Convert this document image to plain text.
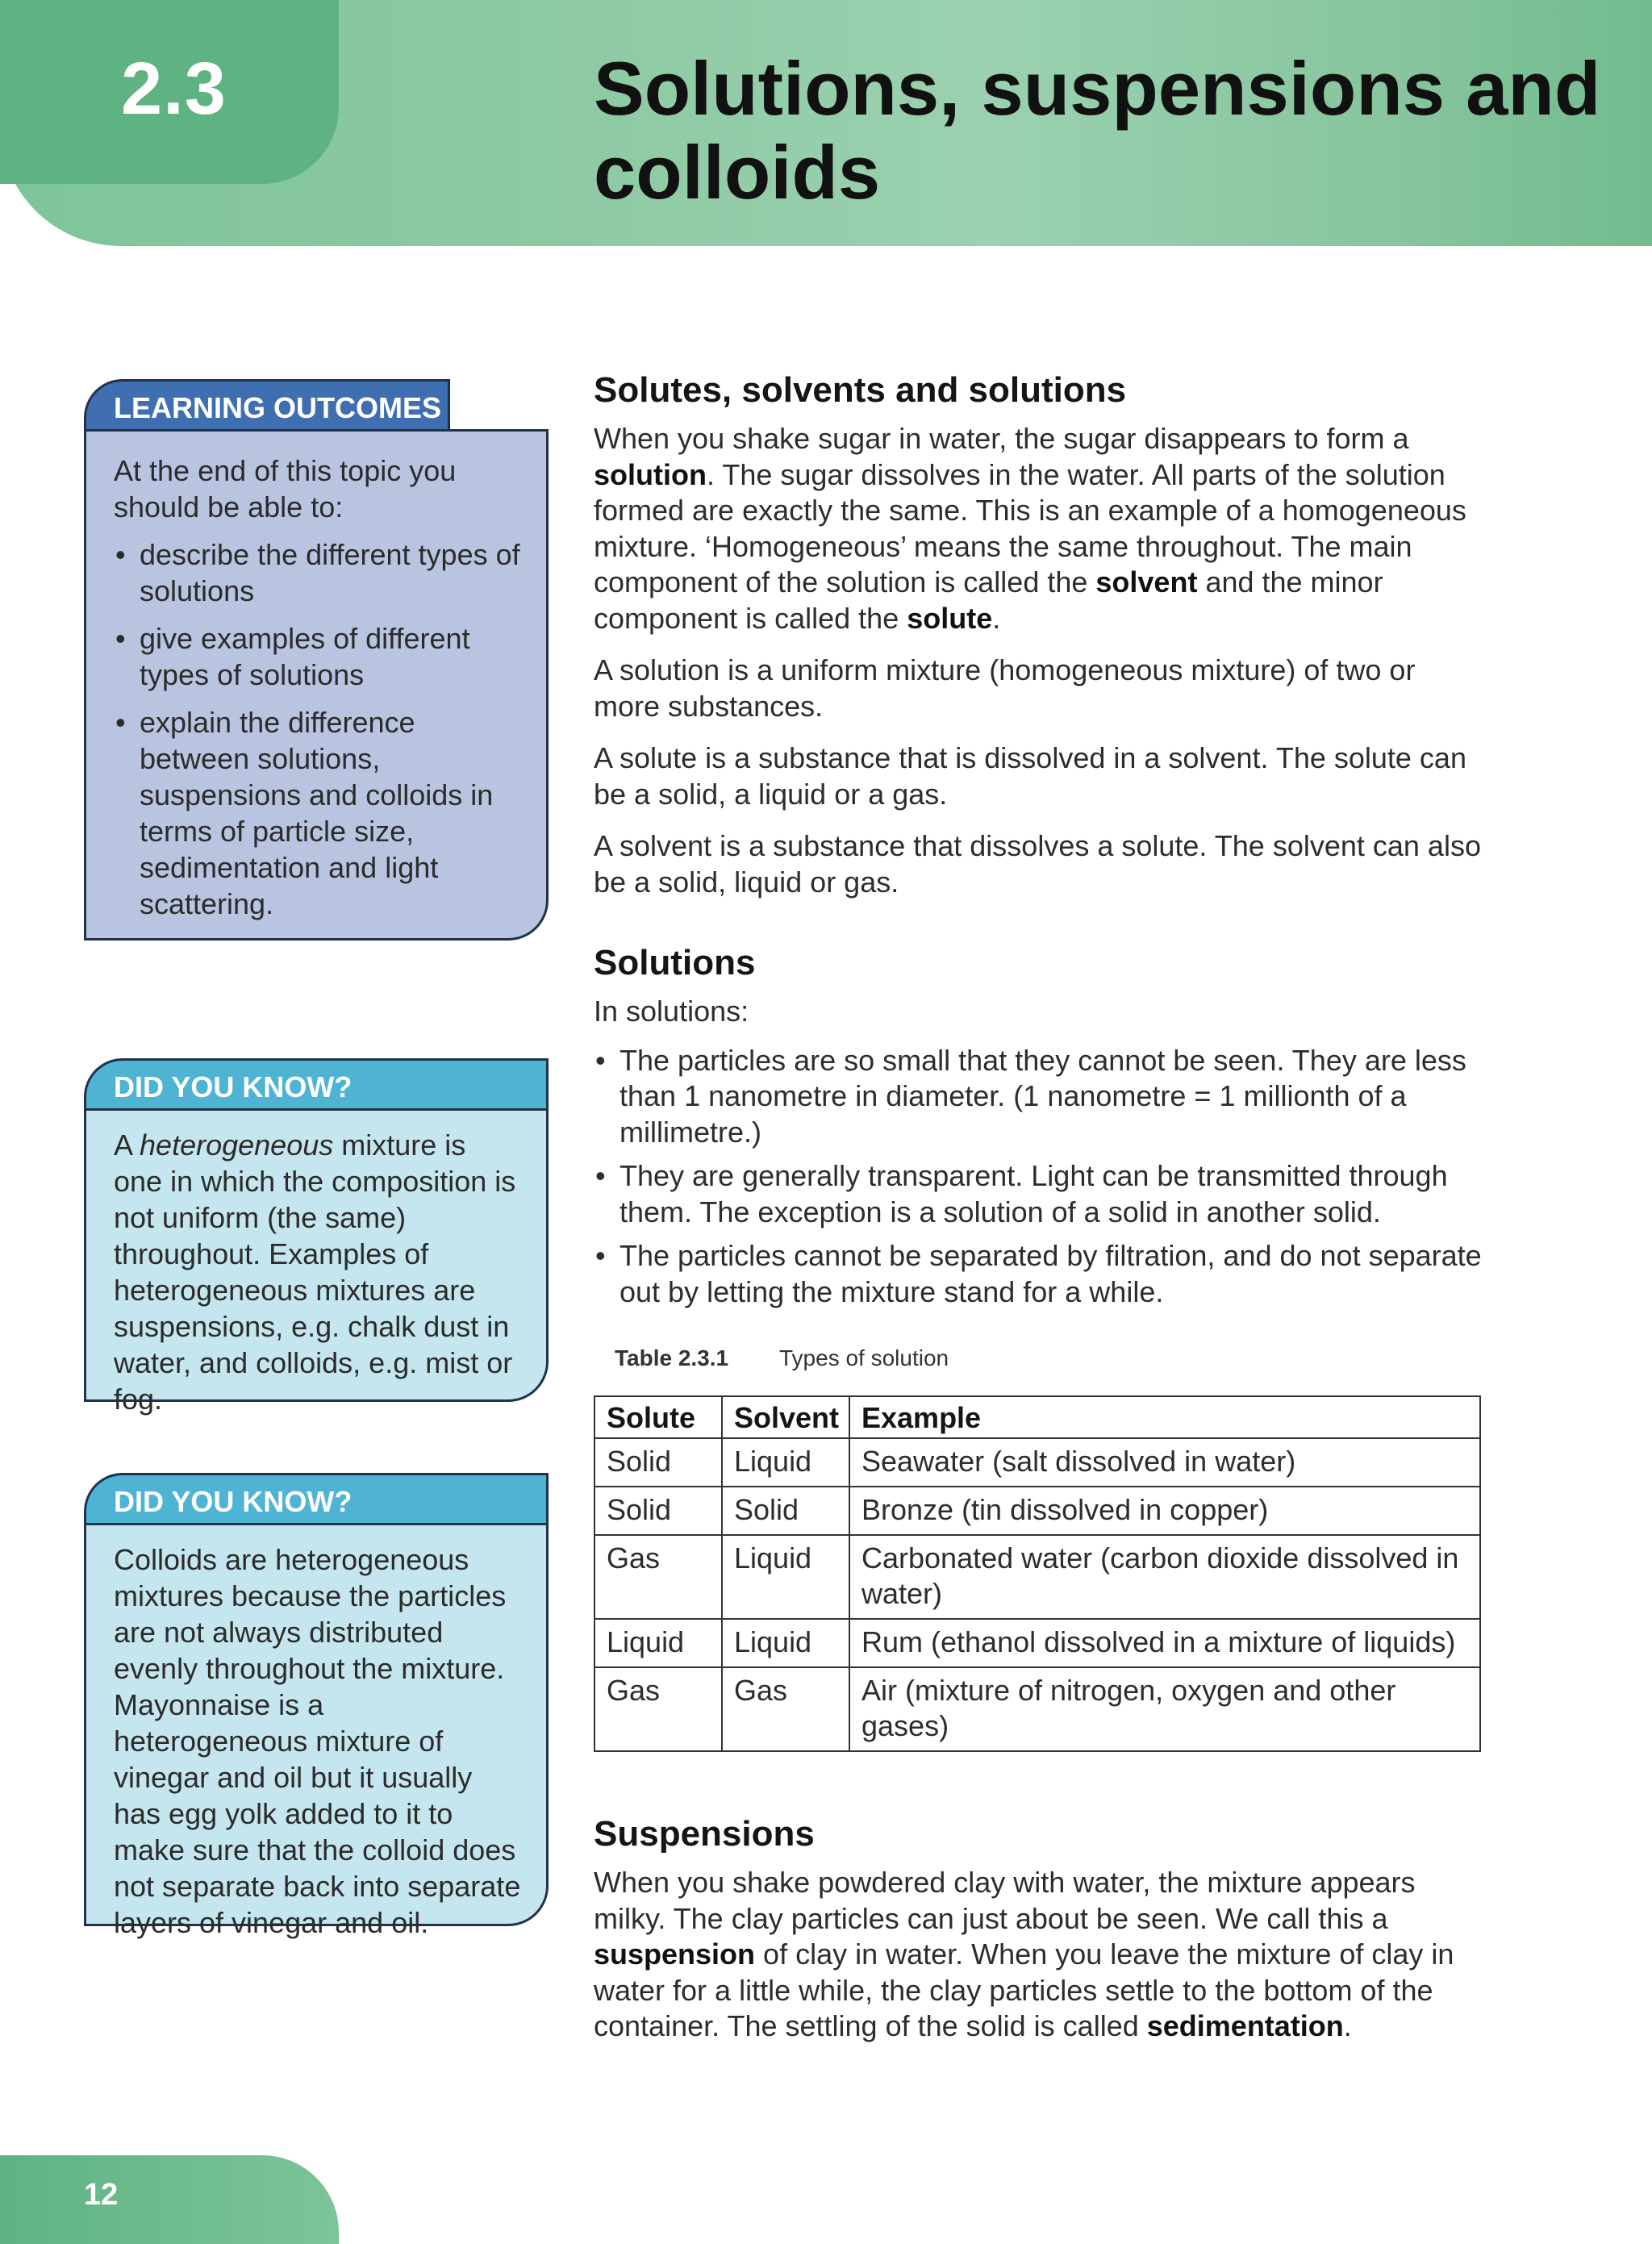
2.3	Solutions, suspensions and colloids
LEARNING OUTCOMES

At the end of this topic you should be able to:

• describe the different types of solutions
• give examples of different types of solutions
• explain the difference between solutions, suspensions and colloids in terms of particle size, sedimentation and light scattering.
DID YOU KNOW?

A heterogeneous mixture is one in which the composition is not uniform (the same) throughout. Examples of heterogeneous mixtures are suspensions, e.g. chalk dust in water, and colloids, e.g. mist or fog.

DID YOU KNOW?

Colloids are heterogeneous mixtures because the particles are not always distributed evenly throughout the mixture. Mayonnaise is a heterogeneous mixture of vinegar and oil but it usually has egg yolk added to it to make sure that the colloid does not separate back into separate layers of vinegar and oil.

Solutes, solvents and solutions

When you shake sugar in water, the sugar disappears to form a solution. The sugar dissolves in the water. All parts of the solution formed are exactly the same. This is an example of a homogeneous mixture. ‘Homogeneous’ means the same throughout. The main component of the solution is called the solvent and the minor component is called the solute.

A solution is a uniform mixture (homogeneous mixture) of two or more substances.

A solute is a substance that is dissolved in a solvent. The solute can be a solid, a liquid or a gas.

A solvent is a substance that dissolves a solute. The solvent can also be a solid, liquid or gas.

Solutions

In solutions:

• The particles are so small that they cannot be seen. They are less than 1 nanometre in diameter. (1 nanometre = 1 millionth of a millimetre.)
• They are generally transparent. Light can be transmitted through them. The exception is a solution of a solid in another solid.
• The particles cannot be separated by filtration, and do not separate out by letting the mixture stand for a while.
Table 2.3.1 Types of solution
Solute	Solvent	Example
Solid	Liquid	Seawater (salt dissolved in water)
Solid	Solid	Bronze (tin dissolved in copper)
Gas	Liquid	Carbonated water (carbon dioxide dissolved in water)
Liquid	Liquid	Rum (ethanol dissolved in a mixture of liquids)
Gas	Gas	Air (mixture of nitrogen, oxygen and other gases)
Suspensions

When you shake powdered clay with water, the mixture appears milky. The clay particles can just about be seen. We call this a suspension of clay in water. When you leave the mixture of clay in water for a little while, the clay particles settle to the bottom of the container. The settling of the solid is called sedimentation.

12
